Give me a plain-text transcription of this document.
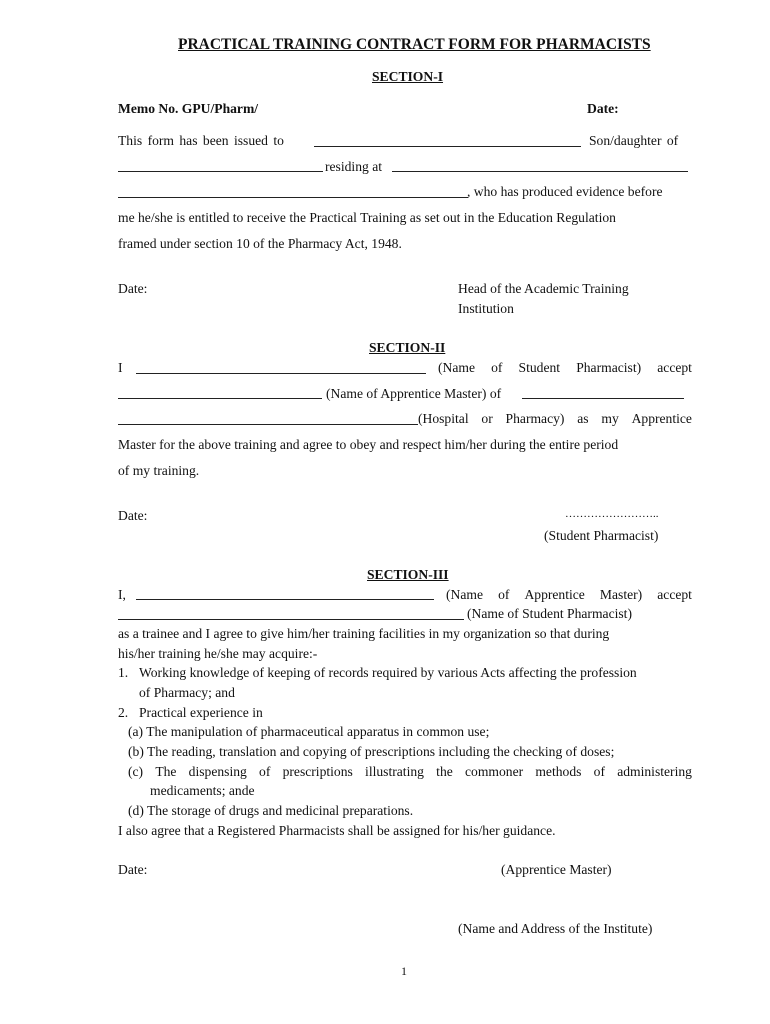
PRACTICAL TRAINING CONTRACT FORM FOR PHARMACISTS
SECTION-I
Memo No. GPU/Pharm/	Date:
This form has been issued to	Son/daughter of
residing at
, who has produced evidence before
me he/she is entitled to receive the Practical Training as set out in the Education Regulation
framed under section 10 of the Pharmacy Act, 1948.
Date:	Head of the Academic Training
Institution
SECTION-II
I	(Name of Student Pharmacist) accept
(Name of Apprentice Master) of
(Hospital or Pharmacy) as my Apprentice
Master for the above training and agree to obey and respect him/her during the entire period
of my training.
Date:	……………………..
(Student Pharmacist)
SECTION-III
I,	(Name of Apprentice Master) accept
(Name of Student Pharmacist)
as a trainee and I agree to give him/her training facilities in my organization so that during
his/her training he/she may acquire:-
1. Working knowledge of keeping of records required by various Acts affecting the profession
of Pharmacy; and
2. Practical experience in
(a) The manipulation of pharmaceutical apparatus in common use;
(b) The reading, translation and copying of prescriptions including the checking of doses;
(c) The dispensing of prescriptions illustrating the commoner methods of administering
medicaments; ande
(d) The storage of drugs and medicinal preparations.
I also agree that a Registered Pharmacists shall be assigned for his/her guidance.
Date:	(Apprentice Master)
(Name and Address of the Institute)
1
